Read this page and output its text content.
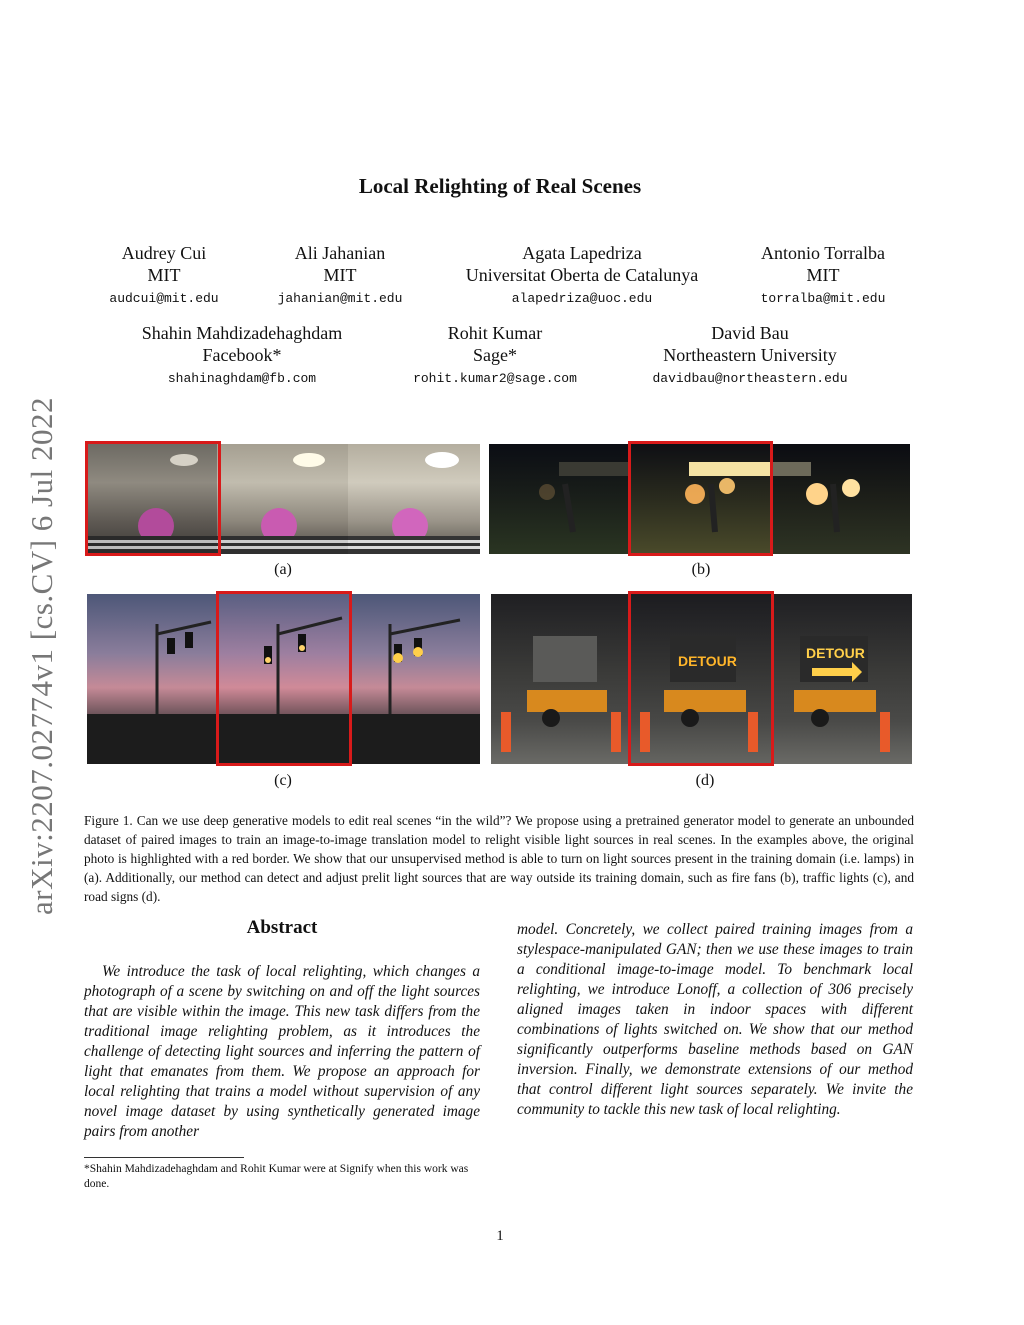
arXiv:2207.02774v1 [cs.CV] 6 Jul 2022
Local Relighting of Real Scenes
Audrey Cui
MIT
audcui@mit.edu
Ali Jahanian
MIT
jahanian@mit.edu
Agata Lapedriza
Universitat Oberta de Catalunya
alapedriza@uoc.edu
Antonio Torralba
MIT
torralba@mit.edu
Shahin Mahdizadehaghdam
Facebook*
shahinaghdam@fb.com
Rohit Kumar
Sage*
rohit.kumar2@sage.com
David Bau
Northeastern University
davidbau@northeastern.edu
(a)	(b)
(c)
DETOUR	DETOUR
(d)
Figure 1. Can we use deep generative models to edit real scenes “in the wild”? We propose using a pretrained generator model to generate an unbounded dataset of paired images to train an image-to-image translation model to relight visible light sources in real scenes. In the examples above, the original photo is highlighted with a red border. We show that our unsupervised method is able to turn on light sources present in the training domain (i.e. lamps) in (a). Additionally, our method can detect and adjust prelit light sources that are way outside its training domain, such as fire fans (b), traffic lights (c), and road signs (d).
Abstract
We introduce the task of local relighting, which changes a photograph of a scene by switching on and off the light sources that are visible within the image. This new task differs from the traditional image relighting problem, as it introduces the challenge of detecting light sources and inferring the pattern of light that emanates from them. We propose an approach for local relighting that trains a model without supervision of any novel image dataset by using synthetically generated image pairs from another
model. Concretely, we collect paired training images from a stylespace-manipulated GAN; then we use these images to train a conditional image-to-image model. To benchmark local relighting, we introduce Lonoff, a collection of 306 precisely aligned images taken in indoor spaces with different combinations of lights switched on. We show that our method significantly outperforms baseline methods based on GAN inversion. Finally, we demonstrate extensions of our method that control different light sources separately. We invite the community to tackle this new task of local relighting.
*Shahin Mahdizadehaghdam and Rohit Kumar were at Signify when this work was done.
1
